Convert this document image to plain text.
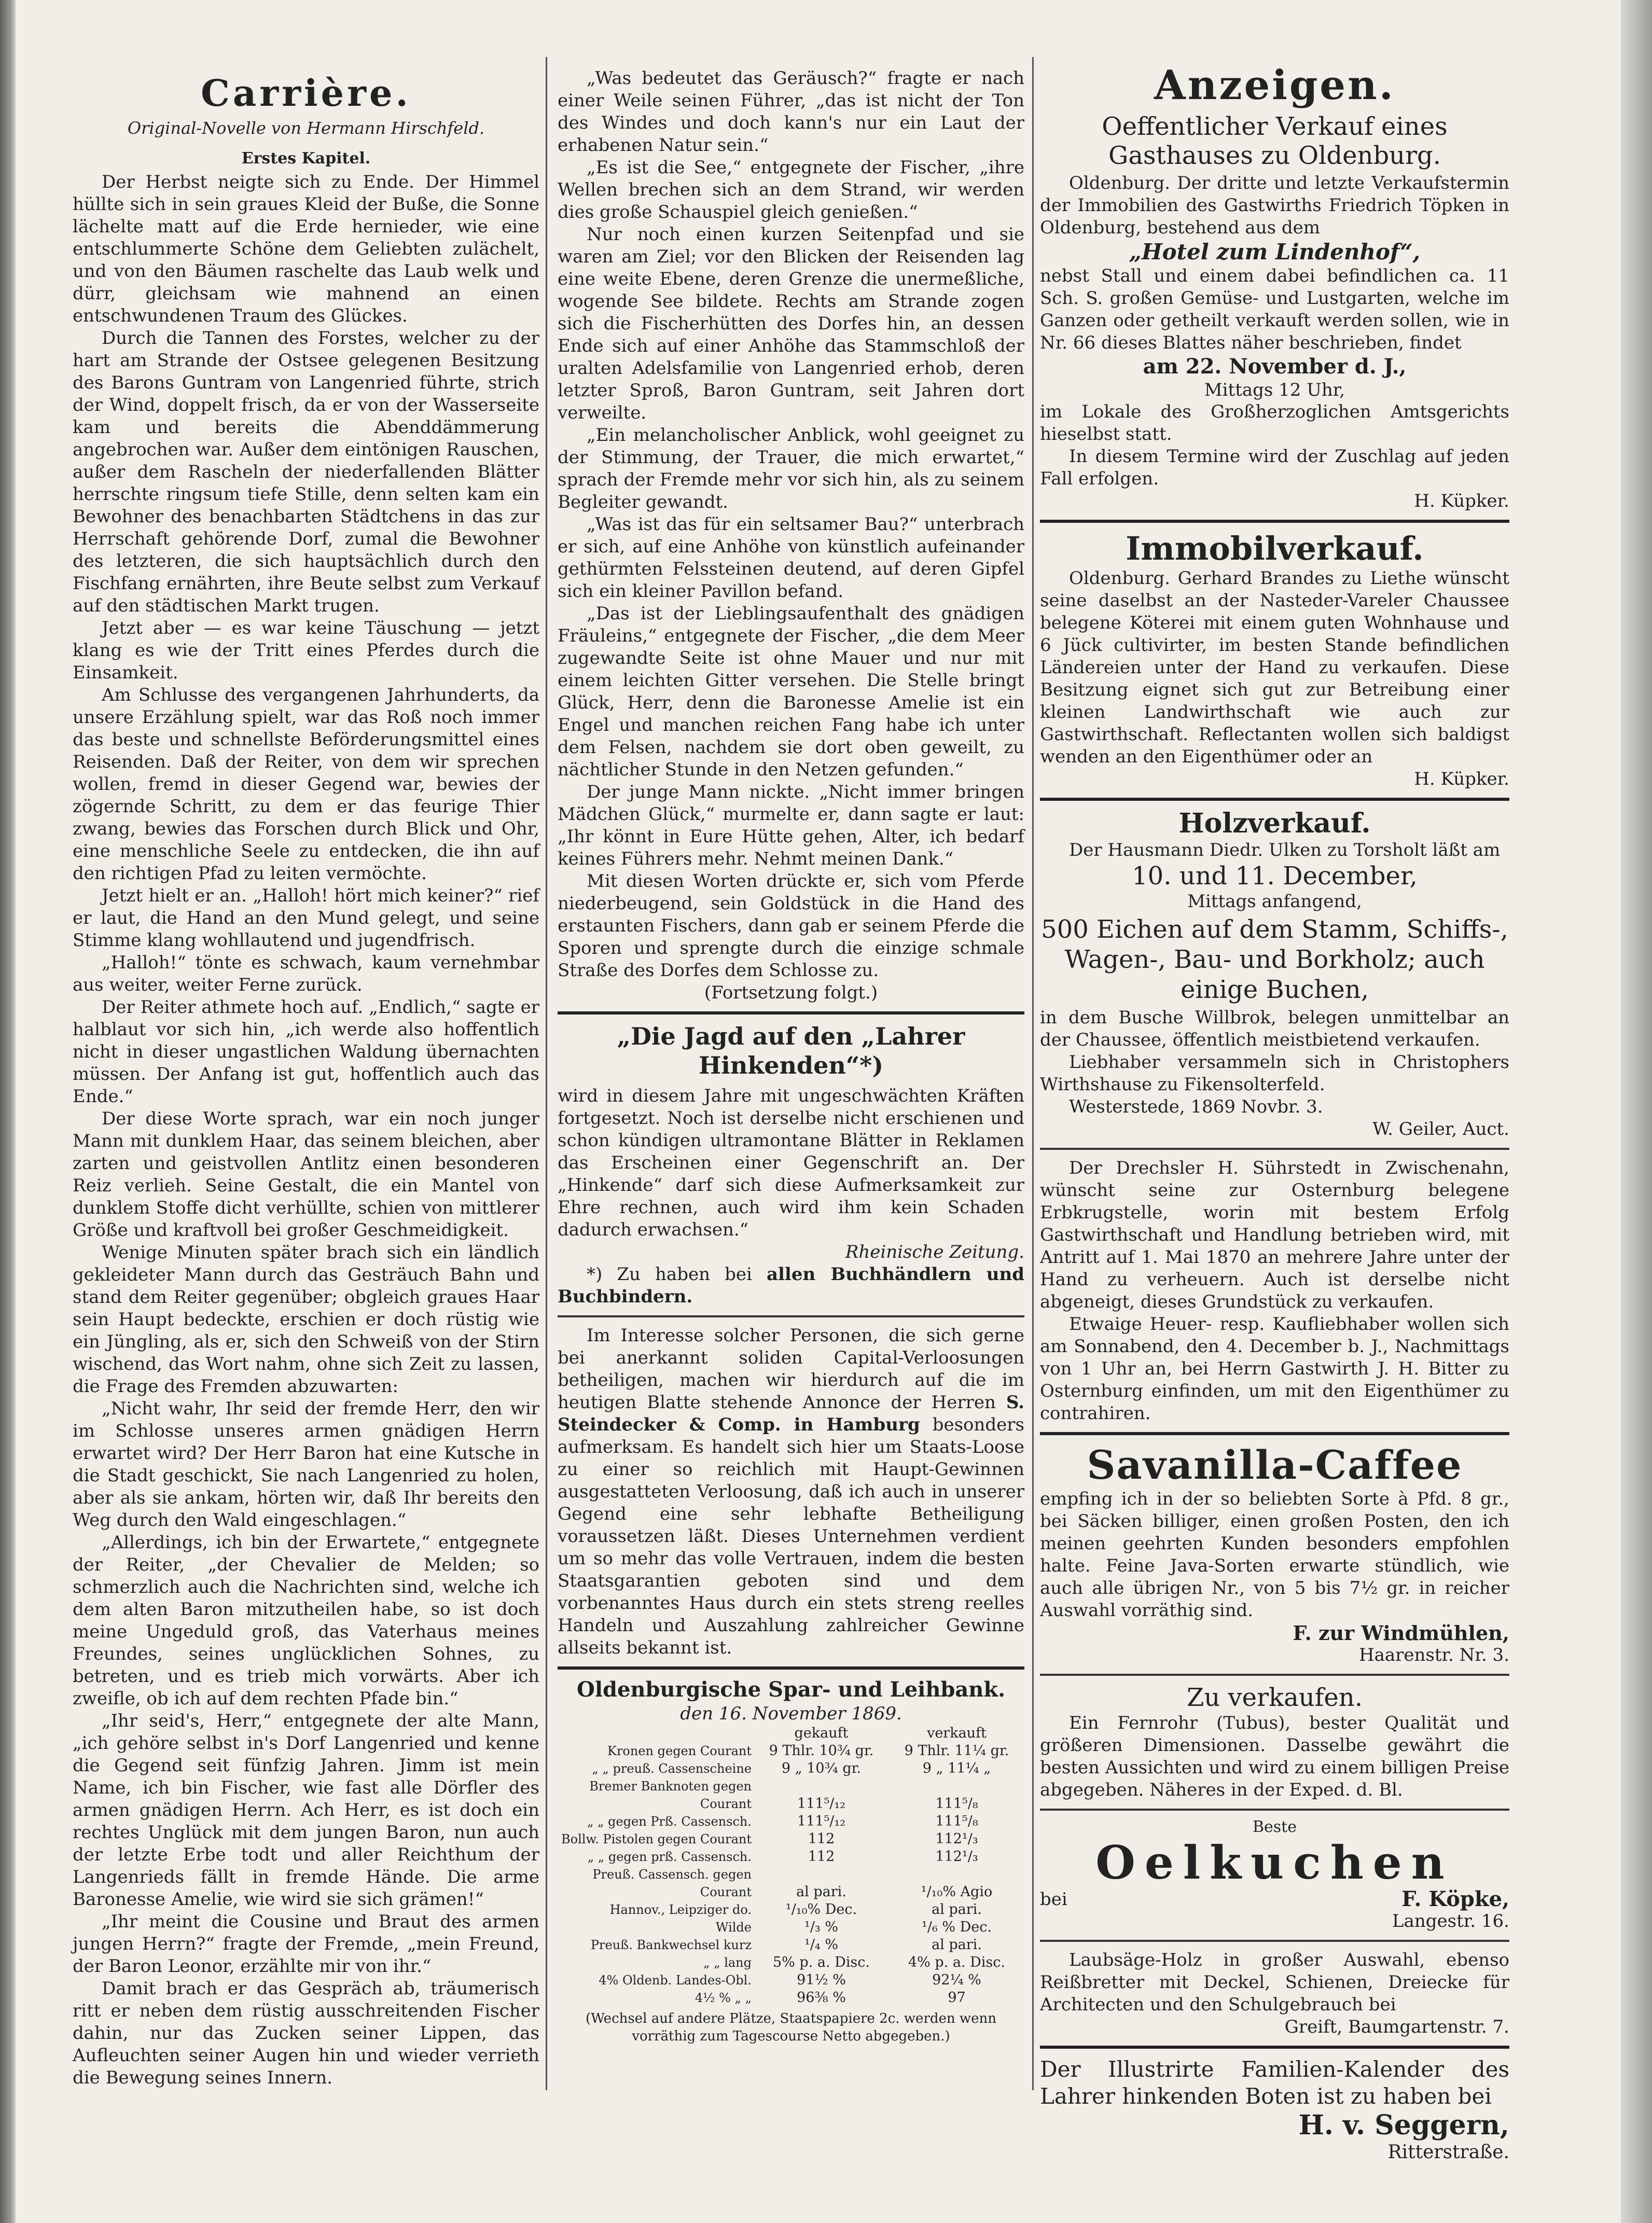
Carrière.
Original-Novelle von Hermann Hirschfeld.
Erstes Kapitel.

Der Herbst neigte sich zu Ende. Der Himmel hüllte sich in sein graues Kleid der Buße, die Sonne lächelte matt auf die Erde hernieder, wie eine entschlummerte Schöne dem Geliebten zulächelt, und von den Bäumen raschelte das Laub welk und dürr, gleichsam wie mahnend an einen entschwundenen Traum des Glückes.

Durch die Tannen des Forstes, welcher zu der hart am Strande der Ostsee gelegenen Besitzung des Barons Guntram von Langenried führte, strich der Wind, doppelt frisch, da er von der Wasserseite kam und bereits die Abenddämmerung angebrochen war. Außer dem eintönigen Rauschen, außer dem Rascheln der niederfallenden Blätter herrschte ringsum tiefe Stille, denn selten kam ein Bewohner des benachbarten Städtchens in das zur Herrschaft gehörende Dorf, zumal die Bewohner des letzteren, die sich hauptsächlich durch den Fischfang ernährten, ihre Beute selbst zum Verkauf auf den städtischen Markt trugen.

Jetzt aber — es war keine Täuschung — jetzt klang es wie der Tritt eines Pferdes durch die Einsamkeit.

Am Schlusse des vergangenen Jahrhunderts, da unsere Erzählung spielt, war das Roß noch immer das beste und schnellste Beförderungsmittel eines Reisenden. Daß der Reiter, von dem wir sprechen wollen, fremd in dieser Gegend war, bewies der zögernde Schritt, zu dem er das feurige Thier zwang, bewies das Forschen durch Blick und Ohr, eine menschliche Seele zu entdecken, die ihn auf den richtigen Pfad zu leiten vermöchte.

Jetzt hielt er an. „Halloh! hört mich keiner?“ rief er laut, die Hand an den Mund gelegt, und seine Stimme klang wohllautend und jugendfrisch.

„Halloh!“ tönte es schwach, kaum vernehmbar aus weiter, weiter Ferne zurück.

Der Reiter athmete hoch auf. „Endlich,“ sagte er halblaut vor sich hin, „ich werde also hoffentlich nicht in dieser ungastlichen Waldung übernachten müssen. Der Anfang ist gut, hoffentlich auch das Ende.“

Der diese Worte sprach, war ein noch junger Mann mit dunklem Haar, das seinem bleichen, aber zarten und geistvollen Antlitz einen besonderen Reiz verlieh. Seine Gestalt, die ein Mantel von dunklem Stoffe dicht verhüllte, schien von mittlerer Größe und kraftvoll bei großer Geschmeidigkeit.

Wenige Minuten später brach sich ein ländlich gekleideter Mann durch das Gesträuch Bahn und stand dem Reiter gegenüber; obgleich graues Haar sein Haupt bedeckte, erschien er doch rüstig wie ein Jüngling, als er, sich den Schweiß von der Stirn wischend, das Wort nahm, ohne sich Zeit zu lassen, die Frage des Fremden abzuwarten:

„Nicht wahr, Ihr seid der fremde Herr, den wir im Schlosse unseres armen gnädigen Herrn erwartet wird? Der Herr Baron hat eine Kutsche in die Stadt geschickt, Sie nach Langenried zu holen, aber als sie ankam, hörten wir, daß Ihr bereits den Weg durch den Wald eingeschlagen.“

„Allerdings, ich bin der Erwartete,“ entgegnete der Reiter, „der Chevalier de Melden; so schmerzlich auch die Nachrichten sind, welche ich dem alten Baron mitzutheilen habe, so ist doch meine Ungeduld groß, das Vaterhaus meines Freundes, seines unglücklichen Sohnes, zu betreten, und es trieb mich vorwärts. Aber ich zweifle, ob ich auf dem rechten Pfade bin.“

„Ihr seid's, Herr,“ entgegnete der alte Mann, „ich gehöre selbst in's Dorf Langenried und kenne die Gegend seit fünfzig Jahren. Jimm ist mein Name, ich bin Fischer, wie fast alle Dörfler des armen gnädigen Herrn. Ach Herr, es ist doch ein rechtes Unglück mit dem jungen Baron, nun auch der letzte Erbe todt und aller Reichthum der Langenrieds fällt in fremde Hände. Die arme Baronesse Amelie, wie wird sie sich grämen!“

„Ihr meint die Cousine und Braut des armen jungen Herrn?“ fragte der Fremde, „mein Freund, der Baron Leonor, erzählte mir von ihr.“

Damit brach er das Gespräch ab, träumerisch ritt er neben dem rüstig ausschreitenden Fischer dahin, nur das Zucken seiner Lippen, das Aufleuchten seiner Augen hin und wieder verrieth die Bewegung seines Innern.

„Was bedeutet das Geräusch?“ fragte er nach einer Weile seinen Führer, „das ist nicht der Ton des Windes und doch kann's nur ein Laut der erhabenen Natur sein.“

„Es ist die See,“ entgegnete der Fischer, „ihre Wellen brechen sich an dem Strand, wir werden dies große Schauspiel gleich genießen.“

Nur noch einen kurzen Seitenpfad und sie waren am Ziel; vor den Blicken der Reisenden lag eine weite Ebene, deren Grenze die unermeßliche, wogende See bildete. Rechts am Strande zogen sich die Fischerhütten des Dorfes hin, an dessen Ende sich auf einer Anhöhe das Stammschloß der uralten Adelsfamilie von Langenried erhob, deren letzter Sproß, Baron Guntram, seit Jahren dort verweilte.

„Ein melancholischer Anblick, wohl geeignet zu der Stimmung, der Trauer, die mich erwartet,“ sprach der Fremde mehr vor sich hin, als zu seinem Begleiter gewandt.

„Was ist das für ein seltsamer Bau?“ unterbrach er sich, auf eine Anhöhe von künstlich aufeinander gethürmten Felssteinen deutend, auf deren Gipfel sich ein kleiner Pavillon befand.

„Das ist der Lieblingsaufenthalt des gnädigen Fräuleins,“ entgegnete der Fischer, „die dem Meer zugewandte Seite ist ohne Mauer und nur mit einem leichten Gitter versehen. Die Stelle bringt Glück, Herr, denn die Baronesse Amelie ist ein Engel und manchen reichen Fang habe ich unter dem Felsen, nachdem sie dort oben geweilt, zu nächtlicher Stunde in den Netzen gefunden.“

Der junge Mann nickte. „Nicht immer bringen Mädchen Glück,“ murmelte er, dann sagte er laut: „Ihr könnt in Eure Hütte gehen, Alter, ich bedarf keines Führers mehr. Nehmt meinen Dank.“

Mit diesen Worten drückte er, sich vom Pferde niederbeugend, sein Goldstück in die Hand des erstaunten Fischers, dann gab er seinem Pferde die Sporen und sprengte durch die einzige schmale Straße des Dorfes dem Schlosse zu.

(Fortsetzung folgt.)

„Die Jagd auf den „Lahrer Hinkenden“*)

wird in diesem Jahre mit ungeschwächten Kräften fortgesetzt. Noch ist derselbe nicht erschienen und schon kündigen ultramontane Blätter in Reklamen das Erscheinen einer Gegenschrift an. Der „Hinkende“ darf sich diese Aufmerksamkeit zur Ehre rechnen, auch wird ihm kein Schaden dadurch erwachsen.“

Rheinische Zeitung.

*) Zu haben bei allen Buchhändlern und Buchbindern.

Im Interesse solcher Personen, die sich gerne bei anerkannt soliden Capital-Verloosungen betheiligen, machen wir hierdurch auf die im heutigen Blatte stehende Annonce der Herren S. Steindecker & Comp. in Hamburg besonders aufmerksam. Es handelt sich hier um Staats-Loose zu einer so reichlich mit Haupt-Gewinnen ausgestatteten Verloosung, daß ich auch in unserer Gegend eine sehr lebhafte Betheiligung voraussetzen läßt. Dieses Unternehmen verdient um so mehr das volle Vertrauen, indem die besten Staatsgarantien geboten sind und dem vorbenanntes Haus durch ein stets streng reelles Handeln und Auszahlung zahlreicher Gewinne allseits bekannt ist.

Oldenburgische Spar- und Leihbank.
den 16. November 1869.
	gekauft	verkauft
Kronen gegen Courant	9 Thlr. 10¾ gr.	9 Thlr. 11¼ gr.
„ „ preuß. Cassenscheine	9 „ 10¾ gr.	9 „ 11¼ „
Bremer Banknoten gegen Courant	111⁵/₁₂	111⁵/₈
„ „ gegen Prß. Cassensch.	111⁵/₁₂	111⁵/₈
Bollw. Pistolen gegen Courant	112	112¹/₃
„ „ gegen prß. Cassensch.	112	112¹/₃
Preuß. Cassensch. gegen Courant	al pari.	¹/₁₀% Agio
Hannov., Leipziger do.	¹/₁₀% Dec.	al pari.
Wilde	¹/₃ %	¹/₆ % Dec.
Preuß. Bankwechsel kurz	¹/₄ %	al pari.
„ „ lang	5% p. a. Disc.	4% p. a. Disc.
4% Oldenb. Landes-Obl.	91½ %	92¼ %
4½ % „ „	96⅜ %	97
(Wechsel auf andere Plätze, Staatspapiere 2c. werden wenn vorräthig zum Tagescourse Netto abgegeben.)
Anzeigen.
Oeffentlicher Verkauf eines Gasthauses zu Oldenburg.

Oldenburg. Der dritte und letzte Verkaufstermin der Immobilien des Gastwirths Friedrich Töpken in Oldenburg, bestehend aus dem

„Hotel zum Lindenhof“,

nebst Stall und einem dabei befindlichen ca. 11 Sch. S. großen Gemüse- und Lustgarten, welche im Ganzen oder getheilt verkauft werden sollen, wie in Nr. 66 dieses Blattes näher beschrieben, findet

am 22. November d. J.,
Mittags 12 Uhr,

im Lokale des Großherzoglichen Amtsgerichts hieselbst statt.

In diesem Termine wird der Zuschlag auf jeden Fall erfolgen.

H. Küpker.

Immobilverkauf.

Oldenburg. Gerhard Brandes zu Liethe wünscht seine daselbst an der Nasteder-Vareler Chaussee belegene Köterei mit einem guten Wohnhause und 6 Jück cultivirter, im besten Stande befindlichen Ländereien unter der Hand zu verkaufen. Diese Besitzung eignet sich gut zur Betreibung einer kleinen Landwirthschaft wie auch zur Gastwirthschaft. Reflectanten wollen sich baldigst wenden an den Eigenthümer oder an

H. Küpker.

Holzverkauf.

Der Hausmann Diedr. Ulken zu Torsholt läßt am

10. und 11. December,
Mittags anfangend,
500 Eichen auf dem Stamm, Schiffs-, Wagen-, Bau- und Borkholz; auch einige Buchen,

in dem Busche Willbrok, belegen unmittelbar an der Chaussee, öffentlich meistbietend verkaufen.

Liebhaber versammeln sich in Christophers Wirthshause zu Fikensolterfeld.

Westerstede, 1869 Novbr. 3.

W. Geiler, Auct.

Der Drechsler H. Sührstedt in Zwischenahn, wünscht seine zur Osternburg belegene Erbkrugstelle, worin mit bestem Erfolg Gastwirthschaft und Handlung betrieben wird, mit Antritt auf 1. Mai 1870 an mehrere Jahre unter der Hand zu verheuern. Auch ist derselbe nicht abgeneigt, dieses Grundstück zu verkaufen.

Etwaige Heuer- resp. Kaufliebhaber wollen sich am Sonnabend, den 4. December b. J., Nachmittags von 1 Uhr an, bei Herrn Gastwirth J. H. Bitter zu Osternburg einfinden, um mit den Eigenthümer zu contrahiren.

Savanilla-Caffee

empfing ich in der so beliebten Sorte à Pfd. 8 gr., bei Säcken billiger, einen großen Posten, den ich meinen geehrten Kunden besonders empfohlen halte. Feine Java-Sorten erwarte stündlich, wie auch alle übrigen Nr., von 5 bis 7½ gr. in reicher Auswahl vorräthig sind.

F. zur Windmühlen,

Haarenstr. Nr. 3.

Zu verkaufen.

Ein Fernrohr (Tubus), bester Qualität und größeren Dimensionen. Dasselbe gewährt die besten Aussichten und wird zu einem billigen Preise abgegeben. Näheres in der Exped. d. Bl.

Beste
Oelkuchen
bei	F. Köpke,

Langestr. 16.

Laubsäge-Holz in großer Auswahl, ebenso Reißbretter mit Deckel, Schienen, Dreiecke für Architecten und den Schulgebrauch bei

Greift, Baumgartenstr. 7.

Der Illustrirte Familien-Kalender des Lahrer hinkenden Boten ist zu haben bei
H. v. Seggern,
Ritterstraße.
